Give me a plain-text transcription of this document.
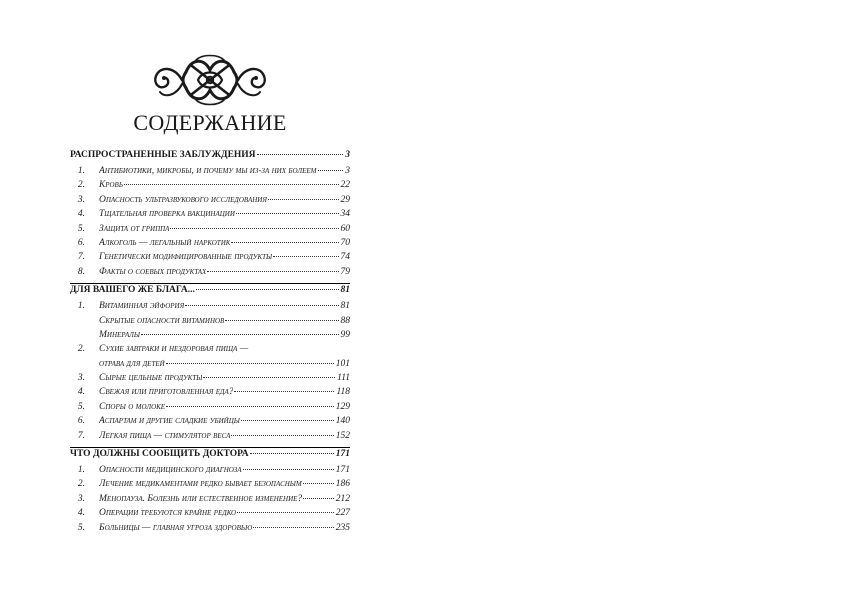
СОДЕРЖАНИЕ
РАСПРОСТРАНЕННЫЕ ЗАБЛУЖДЕНИЯ	3
1.	Антибиотики, микробы, и почему мы из-за них болеем	3
2.	Кровь	22
3.	Опасность ультразвукового исследования	29
4.	Тщательная проверка вакцинации	34
5.	Защита от гриппа	60
6.	Алкоголь — легальный наркотик	70
7.	Генетически модифицированные продукты	74
8.	Факты о соевых продуктах	79
ДЛЯ ВАШЕГО ЖЕ БЛАГА...	81
1.	Витаминная эйфория	81
Скрытые опасности витаминов	88
Минералы	99
2.	Сухие завтраки и нездоровая пища —
отрава для детей	101
3.	Сырые цельные продукты	111
4.	Свежая или приготовленная еда?	118
5.	Споры о молоке	129
6.	Аспартам и другие сладкие убийцы	140
7.	Легкая пища — стимулятор веса	152
ЧТО ДОЛЖНЫ СООБЩИТЬ ДОКТОРА	171
1.	Опасности медицинского диагноза	171
2.	Лечение медикаментами редко бывает безопасным	186
3.	Менопауза. Болезнь или естественное изменение?	212
4.	Операции требуются крайне редко	227
5.	Больницы — главная угроза здоровью	235
